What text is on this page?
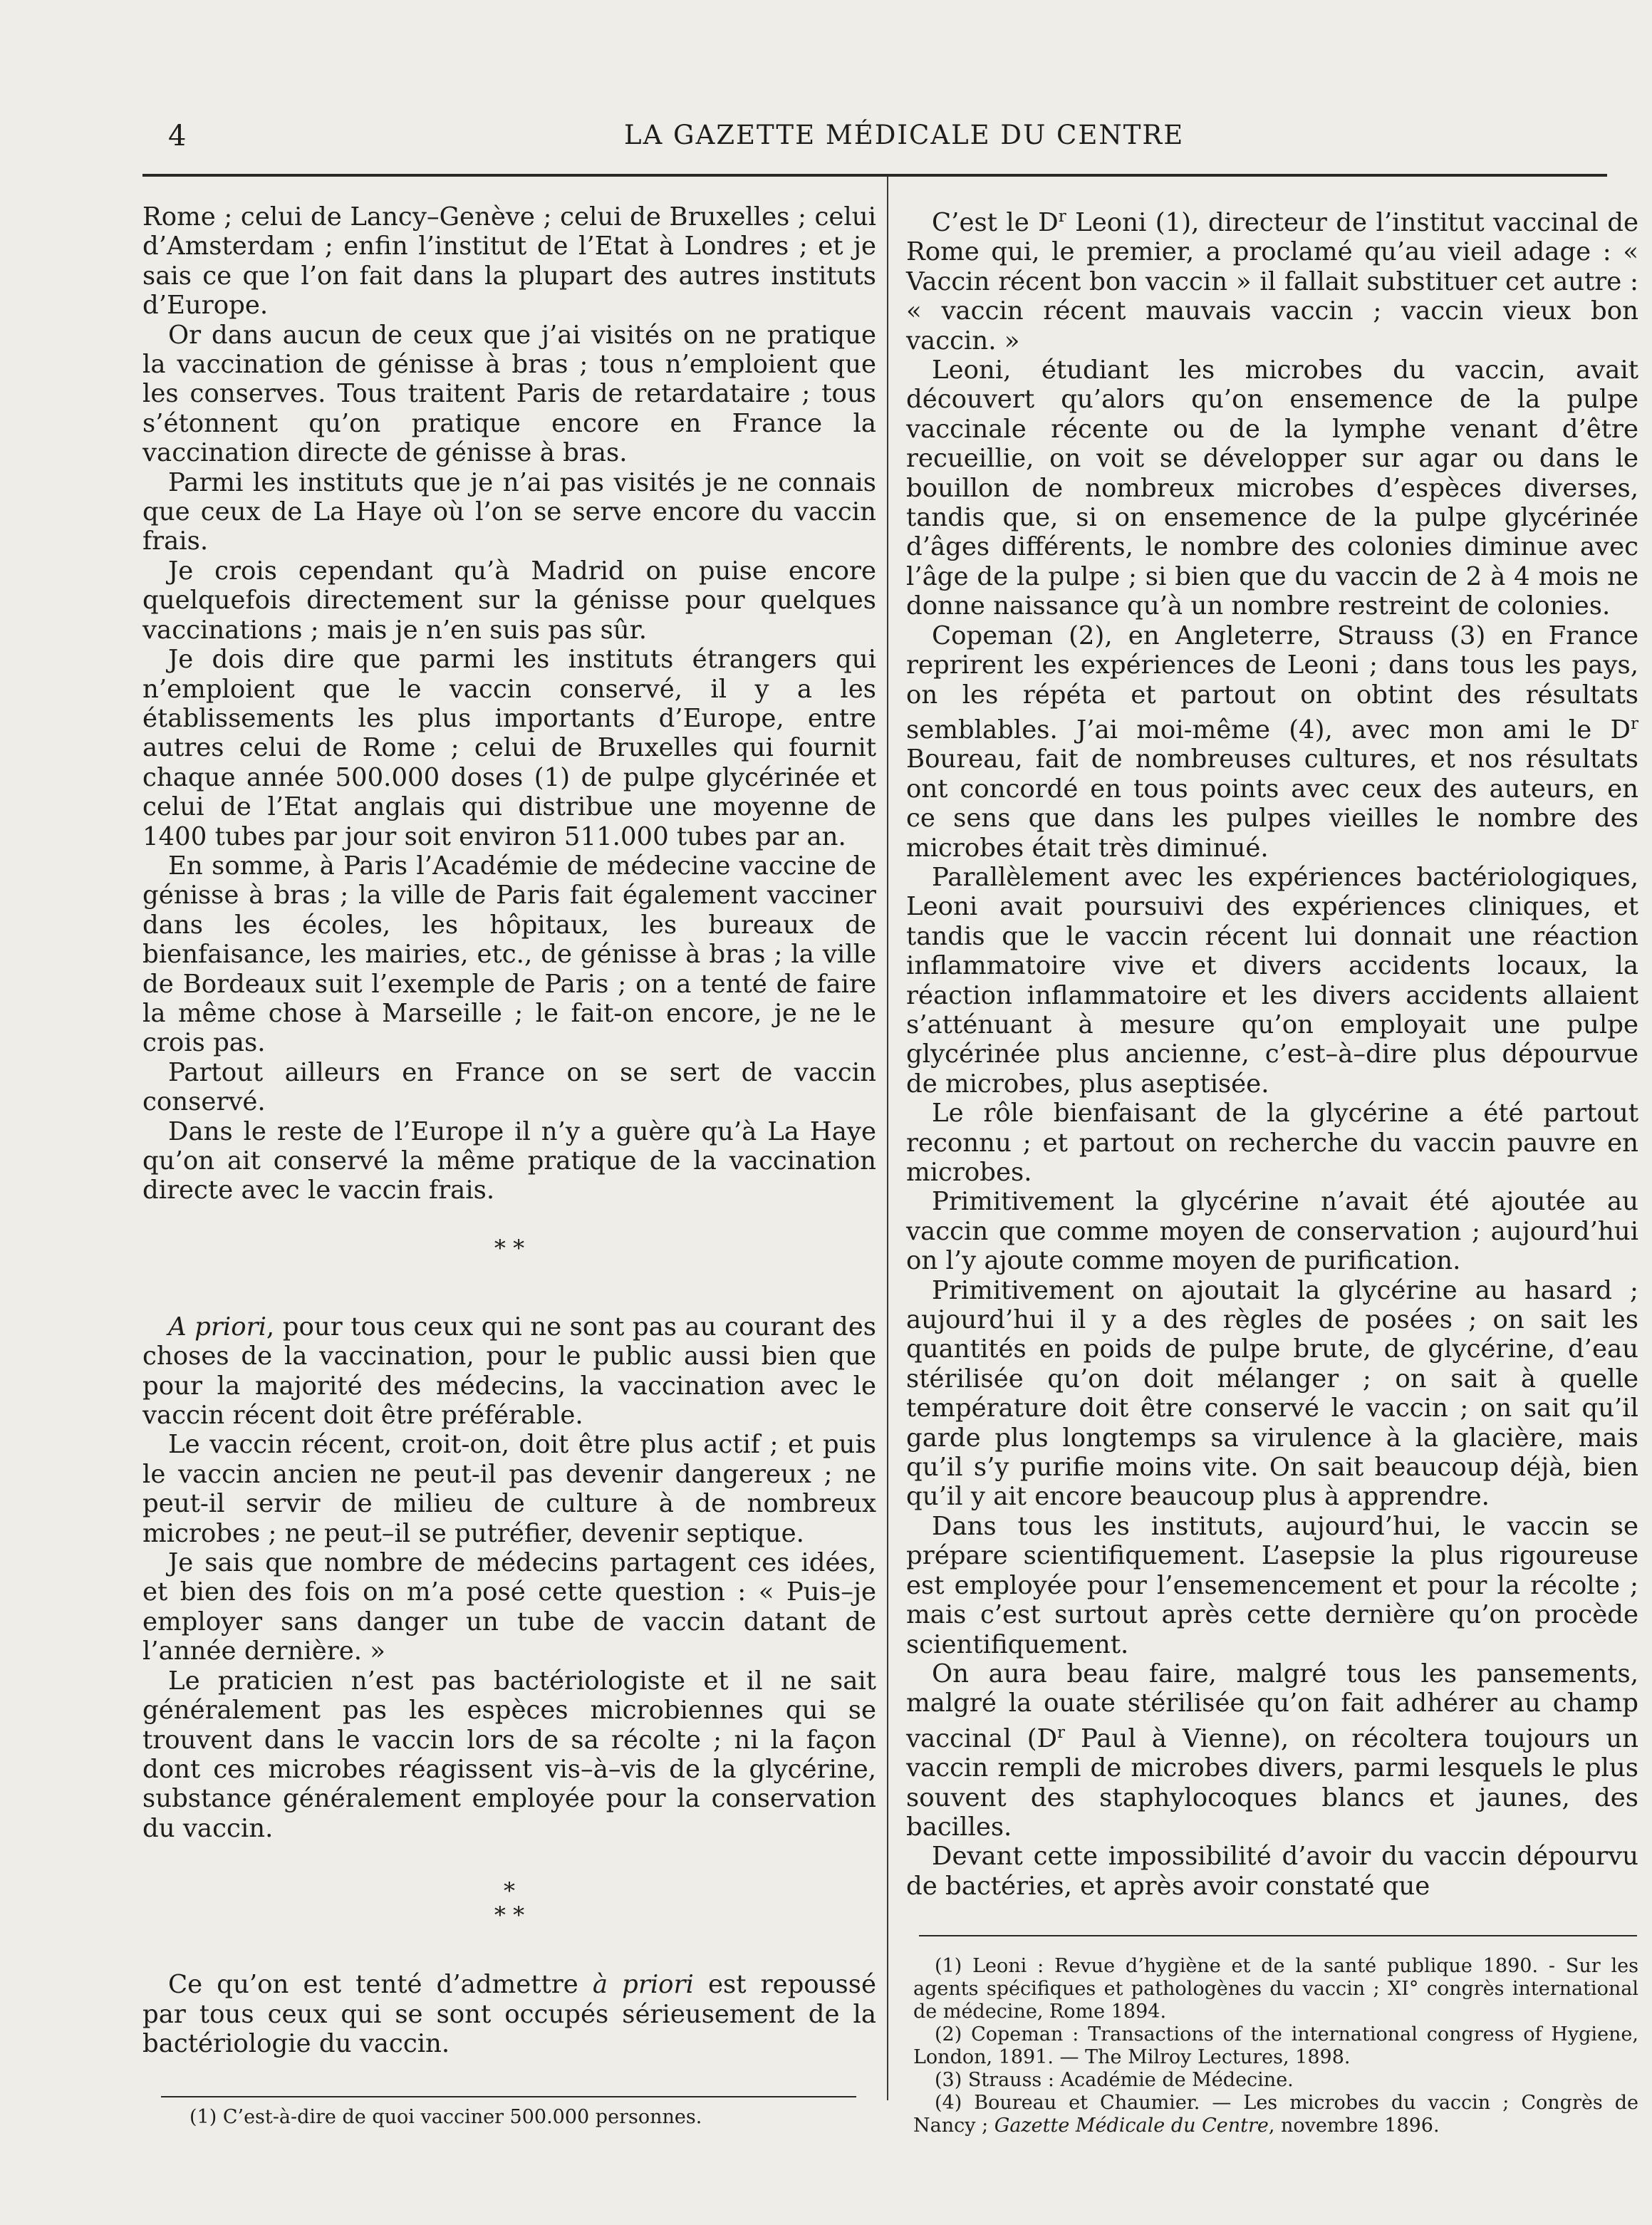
4	LA GAZETTE MÉDICALE DU CENTRE

Rome ; celui de Lancy–Genève ; celui de Bruxelles ; celui d’Amsterdam ; enfin l’institut de l’Etat à Londres ; et je sais ce que l’on fait dans la plupart des autres instituts d’Europe.

Or dans aucun de ceux que j’ai visités on ne pratique la vaccination de génisse à bras ; tous n’emploient que les conserves. Tous traitent Paris de retardataire ; tous s’étonnent qu’on pratique encore en France la vaccination directe de génisse à bras.

Parmi les instituts que je n’ai pas visités je ne connais que ceux de La Haye où l’on se serve encore du vaccin frais.

Je crois cependant qu’à Madrid on puise encore quelquefois directement sur la génisse pour quelques vaccinations ; mais je n’en suis pas sûr.

Je dois dire que parmi les instituts étrangers qui n’emploient que le vaccin conservé, il y a les établissements les plus importants d’Europe, entre autres celui de Rome ; celui de Bruxelles qui fournit chaque année 500.000 doses (1) de pulpe glycérinée et celui de l’Etat anglais qui distribue une moyenne de 1400 tubes par jour soit environ 511.000 tubes par an.

En somme, à Paris l’Académie de médecine vaccine de génisse à bras ; la ville de Paris fait également vacciner dans les écoles, les hôpitaux, les bureaux de bienfaisance, les mairies, etc., de génisse à bras ; la ville de Bordeaux suit l’exemple de Paris ; on a tenté de faire la même chose à Marseille ; le fait-on encore, je ne le crois pas.

Partout ailleurs en France on se sert de vaccin conservé.

Dans le reste de l’Europe il n’y a guère qu’à La Haye qu’on ait conservé la même pratique de la vaccination directe avec le vaccin frais.

* *

A priori, pour tous ceux qui ne sont pas au courant des choses de la vaccination, pour le public aussi bien que pour la majorité des médecins, la vaccination avec le vaccin récent doit être préférable.

Le vaccin récent, croit-on, doit être plus actif ; et puis le vaccin ancien ne peut-il pas devenir dangereux ; ne peut-il servir de milieu de culture à de nombreux microbes ; ne peut–il se putréfier, devenir septique.

Je sais que nombre de médecins partagent ces idées, et bien des fois on m’a posé cette question : « Puis–je employer sans danger un tube de vaccin datant de l’année dernière. »

Le praticien n’est pas bactériologiste et il ne sait généralement pas les espèces microbiennes qui se trouvent dans le vaccin lors de sa récolte ; ni la façon dont ces microbes réagissent vis–à–vis de la glycérine, substance généralement employée pour la conservation du vaccin.

*
* *

Ce qu’on est tenté d’admettre à priori est repoussé par tous ceux qui se sont occupés sérieusement de la bactériologie du vaccin.

(1) C’est-à-dire de quoi vacciner 500.000 personnes.

C’est le $D^r$ Leoni (1), directeur de l’institut vaccinal de Rome qui, le premier, a proclamé qu’au vieil adage : « Vaccin récent bon vaccin » il fallait substituer cet autre : « vaccin récent mauvais vaccin ; vaccin vieux bon vaccin. »

Leoni, étudiant les microbes du vaccin, avait découvert qu’alors qu’on ensemence de la pulpe vaccinale récente ou de la lymphe venant d’être recueillie, on voit se développer sur agar ou dans le bouillon de nombreux microbes d’espèces diverses, tandis que, si on ensemence de la pulpe glycérinée d’âges différents, le nombre des colonies diminue avec l’âge de la pulpe ; si bien que du vaccin de 2 à 4 mois ne donne naissance qu’à un nombre restreint de colonies.

Copeman (2), en Angleterre, Strauss (3) en France reprirent les expériences de Leoni ; dans tous les pays, on les répéta et partout on obtint des résultats semblables. J’ai moi-même (4), avec mon ami le $D^r$ Boureau, fait de nombreuses cultures, et nos résultats ont concordé en tous points avec ceux des auteurs, en ce sens que dans les pulpes vieilles le nombre des microbes était très diminué.

Parallèlement avec les expériences bactériologiques, Leoni avait poursuivi des expériences cliniques, et tandis que le vaccin récent lui donnait une réaction inflammatoire vive et divers accidents locaux, la réaction inflammatoire et les divers accidents allaient s’atténuant à mesure qu’on employait une pulpe glycérinée plus ancienne, c’est–à–dire plus dépourvue de microbes, plus aseptisée.

Le rôle bienfaisant de la glycérine a été partout reconnu ; et partout on recherche du vaccin pauvre en microbes.

Primitivement la glycérine n’avait été ajoutée au vaccin que comme moyen de conservation ; aujourd’hui on l’y ajoute comme moyen de purification.

Primitivement on ajoutait la glycérine au hasard ; aujourd’hui il y a des règles de posées ; on sait les quantités en poids de pulpe brute, de glycérine, d’eau stérilisée qu’on doit mélanger ; on sait à quelle température doit être conservé le vaccin ; on sait qu’il garde plus longtemps sa virulence à la glacière, mais qu’il s’y purifie moins vite. On sait beaucoup déjà, bien qu’il y ait encore beaucoup plus à apprendre.

Dans tous les instituts, aujourd’hui, le vaccin se prépare scientifiquement. L’asepsie la plus rigoureuse est employée pour l’ensemencement et pour la récolte ; mais c’est surtout après cette dernière qu’on procède scientifiquement.

On aura beau faire, malgré tous les pansements, malgré la ouate stérilisée qu’on fait adhérer au champ vaccinal ($D^r$ Paul à Vienne), on récoltera toujours un vaccin rempli de microbes divers, parmi lesquels le plus souvent des staphylocoques blancs et jaunes, des bacilles.

Devant cette impossibilité d’avoir du vaccin dépourvu de bactéries, et après avoir constaté que

(1) Leoni : Revue d’hygiène et de la santé publique 1890. - Sur les agents spécifiques et pathologènes du vaccin ; XI° congrès international de médecine, Rome 1894.

(2) Copeman : Transactions of the international congress of Hygiene, London, 1891. — The Milroy Lectures, 1898.

(3) Strauss : Académie de Médecine.

(4) Boureau et Chaumier. — Les microbes du vaccin ; Congrès de Nancy ; Gazette Médicale du Centre, novembre 1896.
